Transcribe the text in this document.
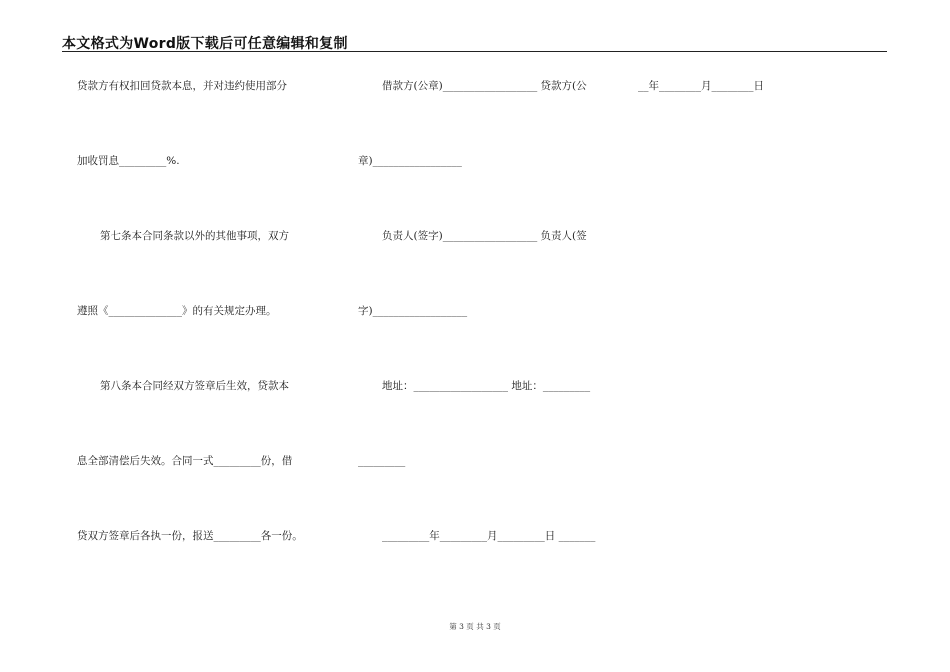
本文格式为Word版下载后可任意编辑和复制
贷款方有权扣回贷款本息，并对违约使用部分
加收罚息_________%.
第七条本合同条款以外的其他事项，双方
遵照《______________》的有关规定办理。
第八条本合同经双方签章后生效，贷款本
息全部清偿后失效。合同一式_________份，借
贷双方签章后各执一份，报送_________各一份。
借款方(公章)__________________ 贷款方(公	__年________月________日
章)_________________
负责人(签字)__________________ 负责人(签
字)__________________
地址：__________________ 地址：_________
_________
_________年_________月_________日 _______
第 3 页 共 3 页
